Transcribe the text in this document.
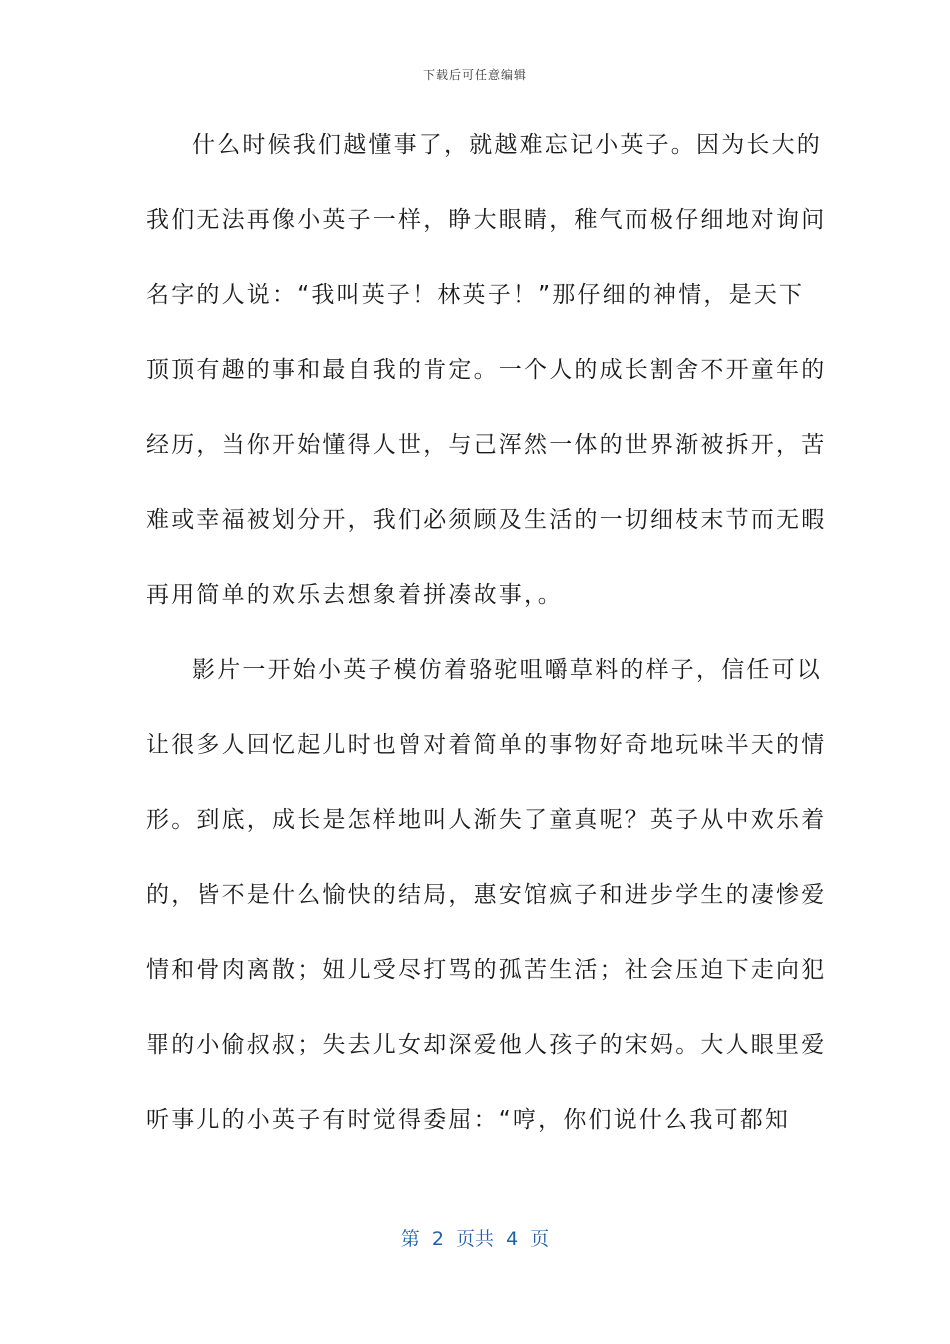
下载后可任意编辑
什么时候我们越懂事了，就越难忘记小英子。因为长大的
我们无法再像小英子一样，睁大眼睛，稚气而极仔细地对询问
名字的人说：“我叫英子！林英子！”那仔细的神情，是天下
顶顶有趣的事和最自我的肯定。一个人的成长割舍不开童年的
经历，当你开始懂得人世，与己浑然一体的世界渐被拆开，苦
难或幸福被划分开，我们必须顾及生活的一切细枝末节而无暇
再用简单的欢乐去想象着拼凑故事，。
影片一开始小英子模仿着骆驼咀嚼草料的样子，信任可以
让很多人回忆起儿时也曾对着简单的事物好奇地玩味半天的情
形。到底，成长是怎样地叫人渐失了童真呢？英子从中欢乐着
的，皆不是什么愉快的结局，惠安馆疯子和进步学生的凄惨爱
情和骨肉离散；妞儿受尽打骂的孤苦生活；社会压迫下走向犯
罪的小偷叔叔；失去儿女却深爱他人孩子的宋妈。大人眼里爱
听事儿的小英子有时觉得委屈：“哼，你们说什么我可都知
第  2  页共  4  页
